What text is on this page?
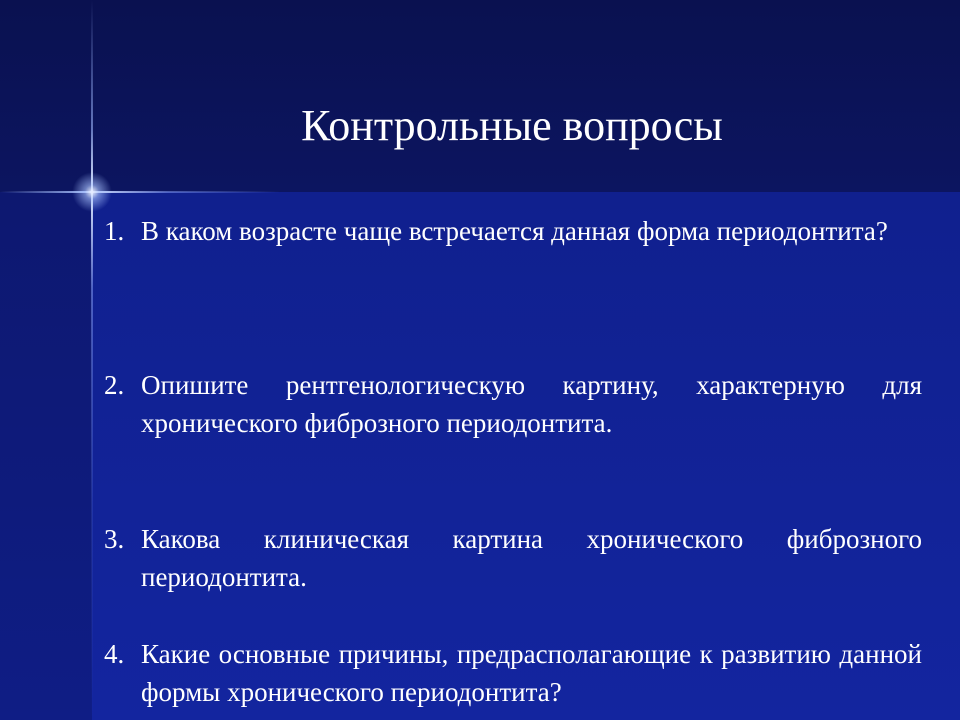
Контрольные вопросы
1. В каком возрасте чаще встречается данная форма периодонтита?
2. Опишите рентгенологическую картину, характерную для хронического фиброзного периодонтита.
3. Какова клиническая картина хронического фиброзного периодонтита.
4. Какие основные причины, предрасполагающие к развитию данной формы хронического периодонтита?
